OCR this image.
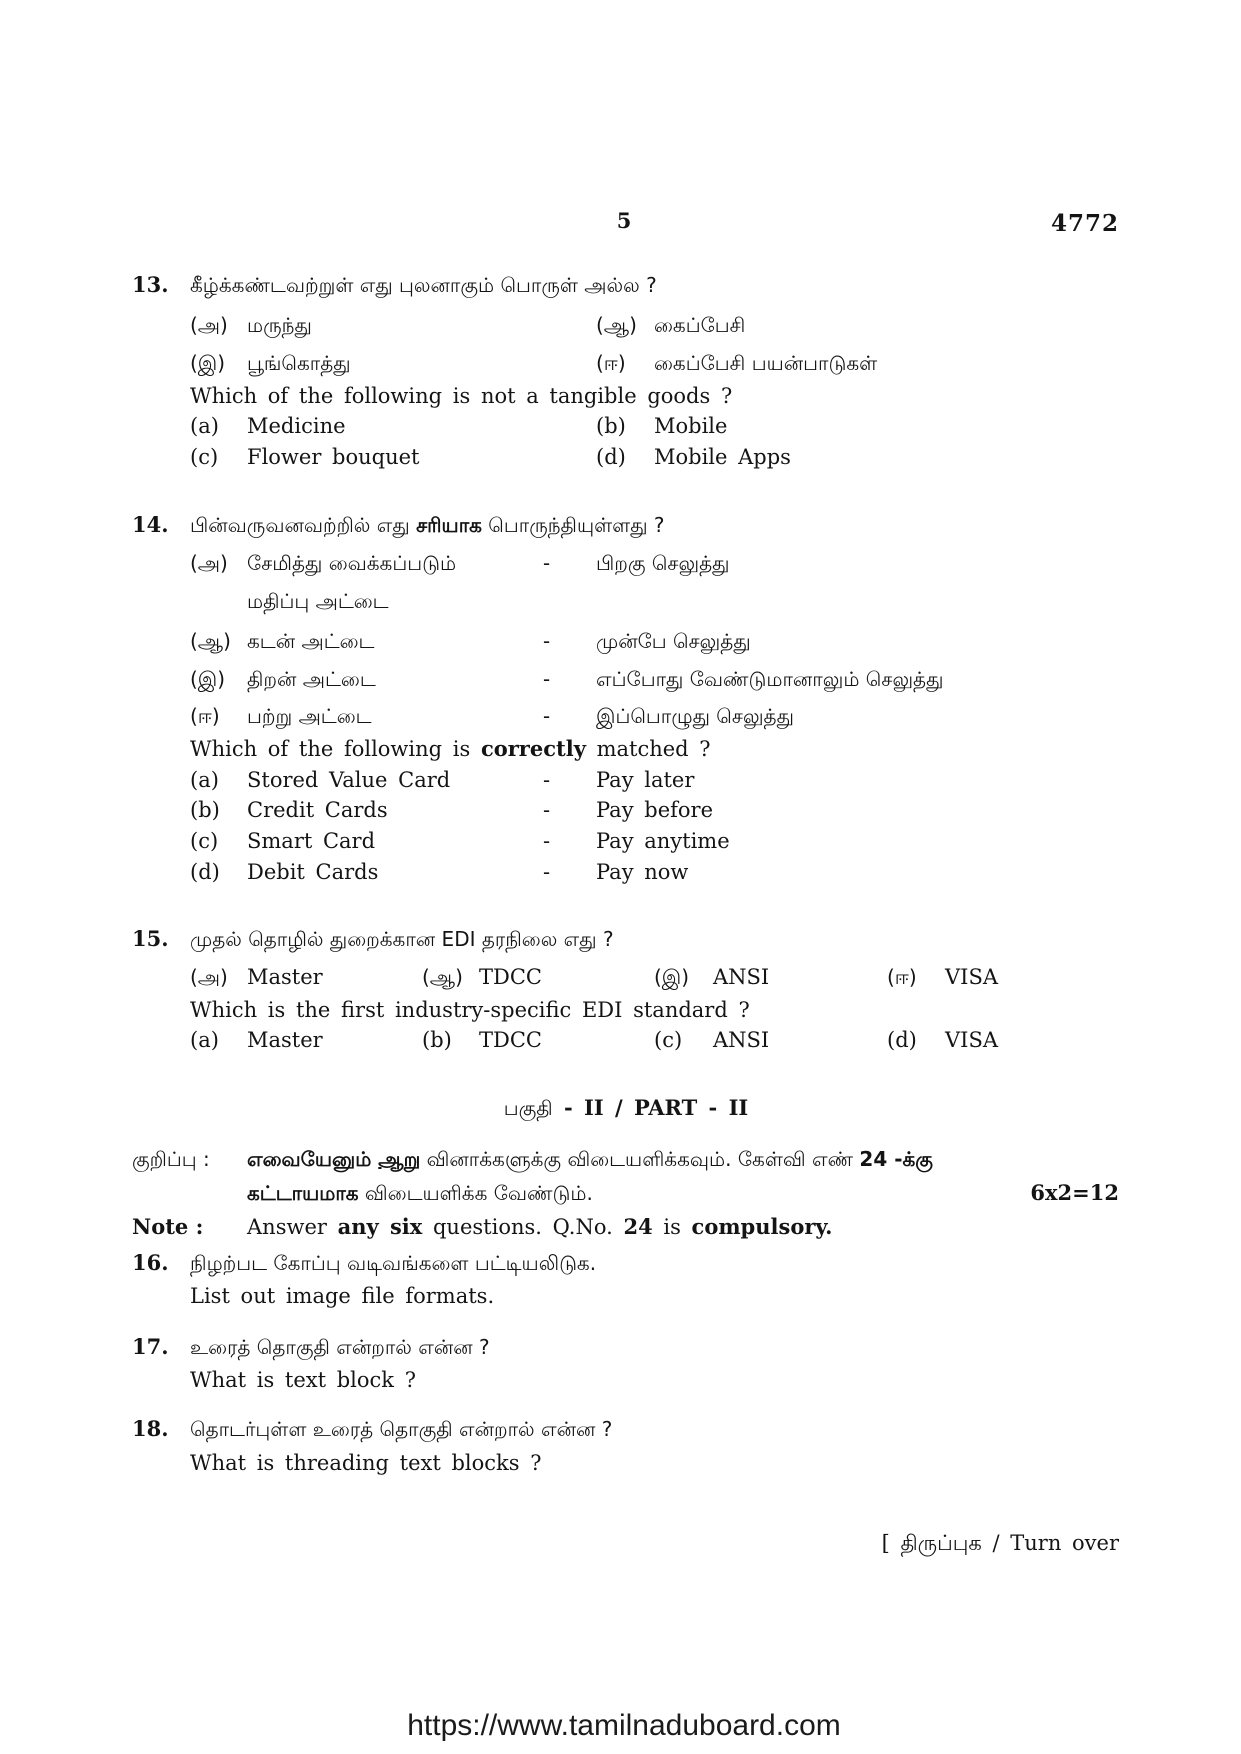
5	4772
13. கீழ்க்கண்டவற்றுள் எது புலனாகும் பொருள் அல்ல ?
(அ) மருந்து	(ஆ) கைப்பேசி
(இ) பூங்கொத்து	(ஈ) கைப்பேசி பயன்பாடுகள்
Which of the following is not a tangible goods ?
(a) Medicine	(b) Mobile
(c) Flower bouquet	(d) Mobile Apps
14. பின்வருவனவற்றில் எது சரியாக பொருந்தியுள்ளது ?
(அ) சேமித்து வைக்கப்படும்	- பிறகு செலுத்து
மதிப்பு அட்டை
(ஆ) கடன் அட்டை	- முன்பே செலுத்து
(இ) திறன் அட்டை	- எப்போது வேண்டுமானாலும் செலுத்து
(ஈ) பற்று அட்டை	- இப்பொழுது செலுத்து
Which of the following is correctly matched ?
(a) Stored Value Card	- Pay later
(b) Credit Cards	- Pay before
(c) Smart Card	- Pay anytime
(d) Debit Cards	- Pay now
15. முதல் தொழில் துறைக்கான EDI தரநிலை எது ?
(அ) Master	(ஆ) TDCC	(இ) ANSI	(ஈ) VISA
Which is the first industry-specific EDI standard ?
(a) Master	(b) TDCC	(c) ANSI	(d) VISA
பகுதி - II / PART - II
குறிப்பு : எவையேனும் ஆறு வினாக்களுக்கு விடையளிக்கவும். கேள்வி எண் 24 -க்கு
கட்டாயமாக விடையளிக்க வேண்டும்.	6x2=12
Note : Answer any six questions. Q.No. 24 is compulsory.
16. நிழற்பட கோப்பு வடிவங்களை பட்டியலிடுக.
List out image file formats.
17. உரைத் தொகுதி என்றால் என்ன ?
What is text block ?
18. தொடர்புள்ள உரைத் தொகுதி என்றால் என்ன ?
What is threading text blocks ?
[ திருப்புக / Turn over
https://www.tamilnaduboard.com
